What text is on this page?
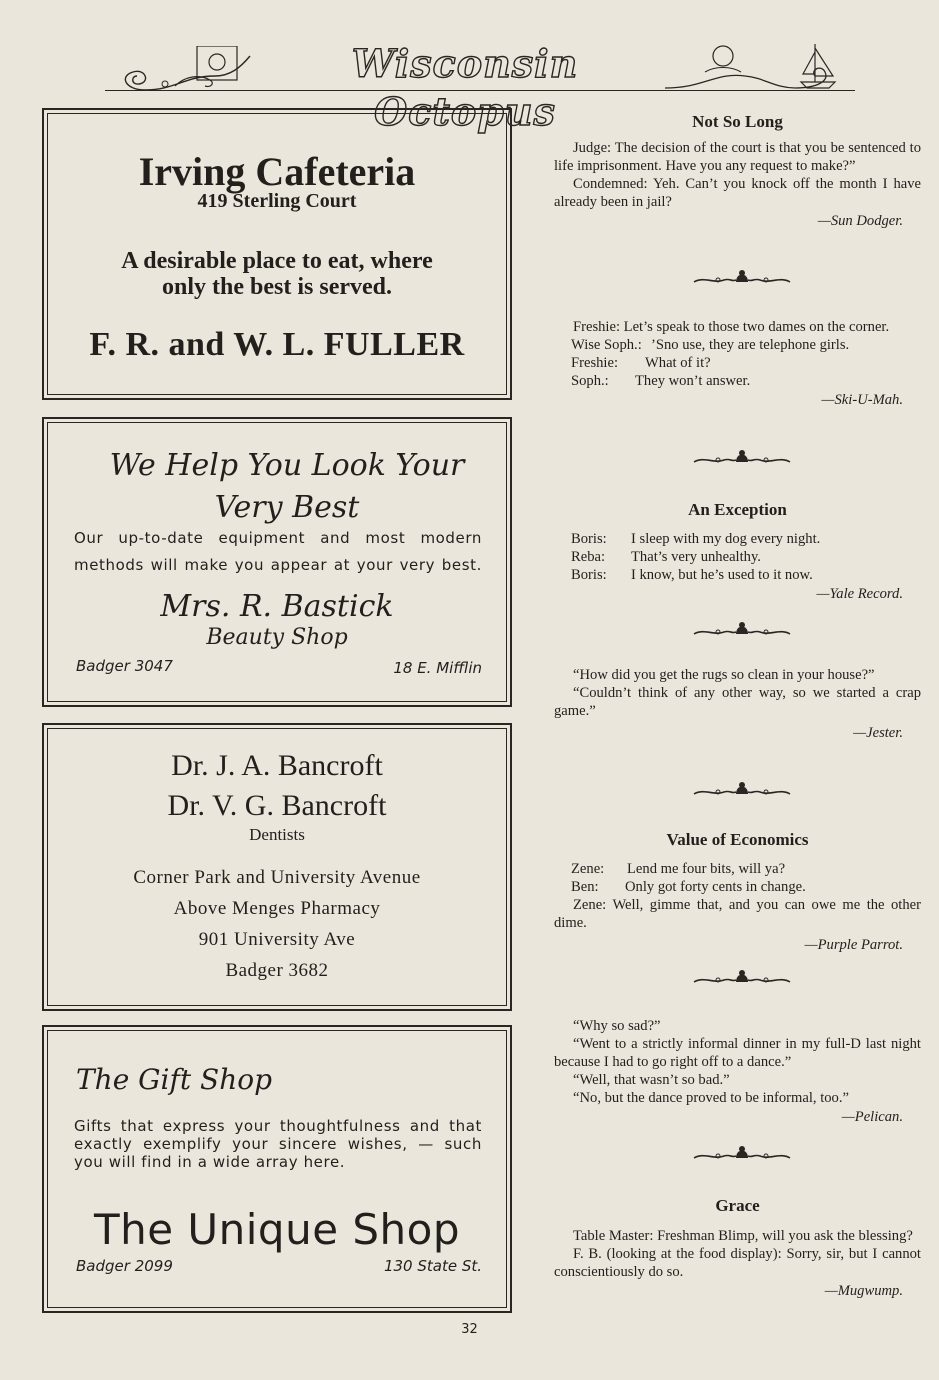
Wisconsin Octopus
Irving Cafeteria
419 Sterling Court
A desirable place to eat, where
only the best is served.
F. R. and W. L. FULLER
We Help You Look Your
Very Best
Our up-to-date equipment and most modern
methods will make you appear at your very best.
Mrs. R. Bastick
Beauty Shop
Badger 3047	18 E. Mifflin
Dr. J. A. Bancroft
Dr. V. G. Bancroft
Dentists
Corner Park and University Avenue
Above Menges Pharmacy
901 University Ave
Badger 3682
The Gift Shop
Gifts that express your thoughtfulness and that exactly exemplify your sincere wishes, — such you will find in a wide array here.
The Unique Shop
Badger 2099	130 State St.
Not So Long

Judge: The decision of the court is that you be sentenced to life imprisonment. Have you any request to make?”

Condemned: Yeh. Can’t you knock off the month I have already been in jail?

—Sun Dodger.

Freshie: Let’s speak to those two dames on the corner.

Wise Soph.: ’Sno use, they are telephone girls.
Freshie:	What of it?
Soph.:	They won’t answer.
—Ski-U-Mah.
An Exception
Boris:	I sleep with my dog every night.
Reba:	That’s very unhealthy.
Boris:	I know, but he’s used to it now.
—Yale Record.

“How did you get the rugs so clean in your house?”

“Couldn’t think of any other way, so we started a crap game.”

—Jester.
Value of Economics
Zene:	Lend me four bits, will ya?
Ben:	Only got forty cents in change.

Zene: Well, gimme that, and you can owe me the other dime.

—Purple Parrot.

“Why so sad?”

“Went to a strictly informal dinner in my full-D last night because I had to go right off to a dance.”

“Well, that wasn’t so bad.”

“No, but the dance proved to be informal, too.”

—Pelican.
Grace

Table Master: Freshman Blimp, will you ask the blessing?

F. B. (looking at the food display): Sorry, sir, but I cannot conscientiously do so.

—Mugwump.
32
